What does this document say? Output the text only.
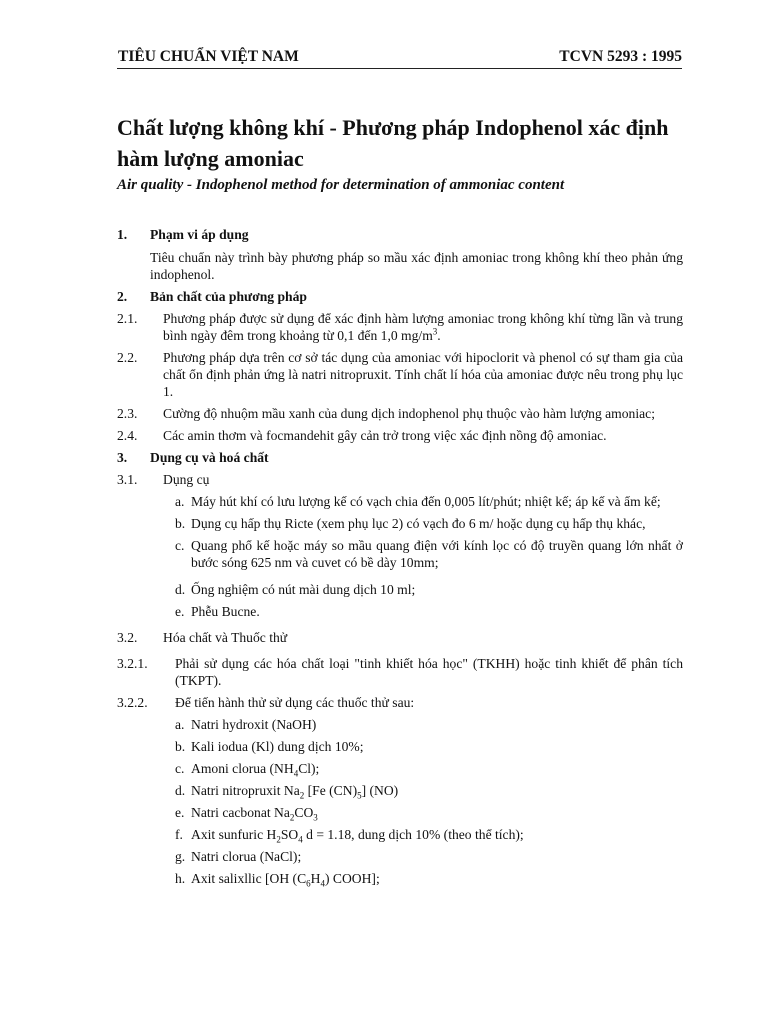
TIÊU CHUẨN VIỆT NAM	TCVN 5293 : 1995
Chất lượng không khí - Phương pháp Indophenol xác định hàm lượng amoniac
Air quality - Indophenol method for determination of ammoniac content
1.	Phạm vi áp dụng
Tiêu chuẩn này trình bày phương pháp so mầu xác định amoniac trong không khí theo phản ứng indophenol.
2.	Bản chất của phương pháp
2.1.	Phương pháp được sử dụng để xác định hàm lượng amoniac trong không khí từng lần và trung bình ngày đêm trong khoảng từ 0,1 đến 1,0 $mg/m^3$.
2.2.	Phương pháp dựa trên cơ sở tác dụng của amoniac với hipoclorit và phenol có sự tham gia của chất ổn định phản ứng là natri nitropruxit. Tính chất lí hóa của amoniac được nêu trong phụ lục 1.
2.3.	Cường độ nhuộm mầu xanh của dung dịch indophenol phụ thuộc vào hàm lượng amoniac;
2.4.	Các amin thơm và focmandehit gây cản trở trong việc xác định nồng độ amoniac.
3.	Dụng cụ và hoá chất
3.1.	Dụng cụ
a. Máy hút khí có lưu lượng kế có vạch chia đến 0,005 lít/phút; nhiệt kế; áp kế và ẩm kế;
b. Dụng cụ hấp thụ Ricte (xem phụ lục 2) có vạch đo 6 m/ hoặc dụng cụ hấp thụ khác,
c. Quang phổ kế hoặc máy so mầu quang điện với kính lọc có độ truyền quang lớn nhất ở bước sóng 625 nm và cuvet có bề dày 10mm;
d. Ống nghiệm có nút mài dung dịch 10 ml;
e. Phễu Bucne.
3.2.	Hóa chất và Thuốc thử
3.2.1.	Phải sử dụng các hóa chất loại "tinh khiết hóa học" (TKHH) hoặc tinh khiết để phân tích (TKPT).
3.2.2.	Để tiến hành thử sử dụng các thuốc thử sau:
a. Natri hydroxit (NaOH)
b. Kali iodua (Kl) dung dịch 10%;
c. Amoni clorua $(NH_4Cl)$;
d. Natri nitropruxit $Na_2$ [Fe $(CN)_5$] (NO)
e. Natri cacbonat $Na_2CO_3$
f. Axit sunfuric $H_2SO_4$ d = 1.18, dung dịch 10% (theo thể tích);
g. Natri clorua (NaCl);
h. Axit salixllic [OH $(C_6H_4)$ COOH];
